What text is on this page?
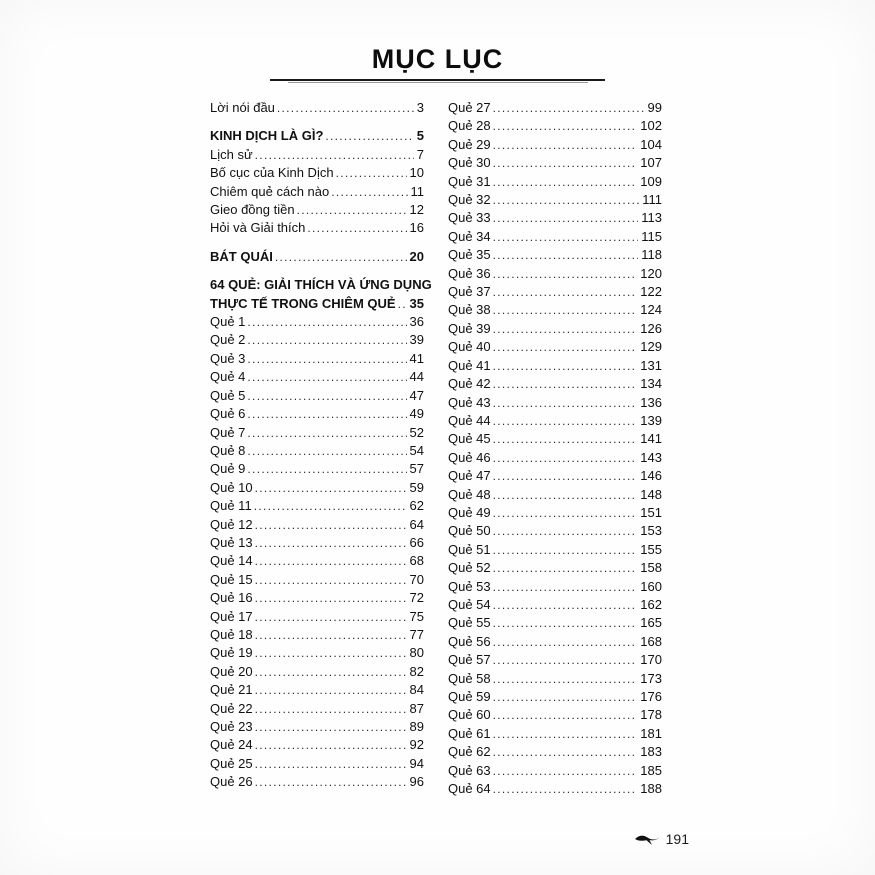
MỤC LỤC
Lời nói đầu .....	3
KINH DỊCH LÀ GÌ? .....	5
Lịch sử .....	7
Bố cục của Kinh Dịch .....	10
Chiêm quẻ cách nào .....	11
Gieo đồng tiền .....	12
Hỏi và Giải thích .....	16
BÁT QUÁI .....	20
64 QUẺ: GIẢI THÍCH VÀ ỨNG DỤNG
THỰC TẾ TRONG CHIÊM QUẺ ..... 35
Quẻ 1 .....	36
Quẻ 2 .....	39
Quẻ 3 .....	41
Quẻ 4 .....	44
Quẻ 5 .....	47
Quẻ 6 .....	49
Quẻ 7 .....	52
Quẻ 8 .....	54
Quẻ 9 .....	57
Quẻ 10 .....	59
Quẻ 11 .....	62
Quẻ 12 .....	64
Quẻ 13 .....	66
Quẻ 14 .....	68
Quẻ 15 .....	70
Quẻ 16 .....	72
Quẻ 17 .....	75
Quẻ 18 .....	77
Quẻ 19 .....	80
Quẻ 20 .....	82
Quẻ 21 .....	84
Quẻ 22 .....	87
Quẻ 23 .....	89
Quẻ 24 .....	92
Quẻ 25 .....	94
Quẻ 26 .....	96
Quẻ 27 .....	99
Quẻ 28 .....	102
Quẻ 29 .....	104
Quẻ 30 .....	107
Quẻ 31 .....	109
Quẻ 32 .....	111
Quẻ 33 .....	113
Quẻ 34 .....	115
Quẻ 35 .....	118
Quẻ 36 .....	120
Quẻ 37 .....	122
Quẻ 38 .....	124
Quẻ 39 .....	126
Quẻ 40 .....	129
Quẻ 41 .....	131
Quẻ 42 .....	134
Quẻ 43 .....	136
Quẻ 44 .....	139
Quẻ 45 .....	141
Quẻ 46 .....	143
Quẻ 47 .....	146
Quẻ 48 .....	148
Quẻ 49 .....	151
Quẻ 50 .....	153
Quẻ 51 .....	155
Quẻ 52 .....	158
Quẻ 53 .....	160
Quẻ 54 .....	162
Quẻ 55 .....	165
Quẻ 56 .....	168
Quẻ 57 .....	170
Quẻ 58 .....	173
Quẻ 59 .....	176
Quẻ 60 .....	178
Quẻ 61 .....	181
Quẻ 62 .....	183
Quẻ 63 .....	185
Quẻ 64 .....	188
191
